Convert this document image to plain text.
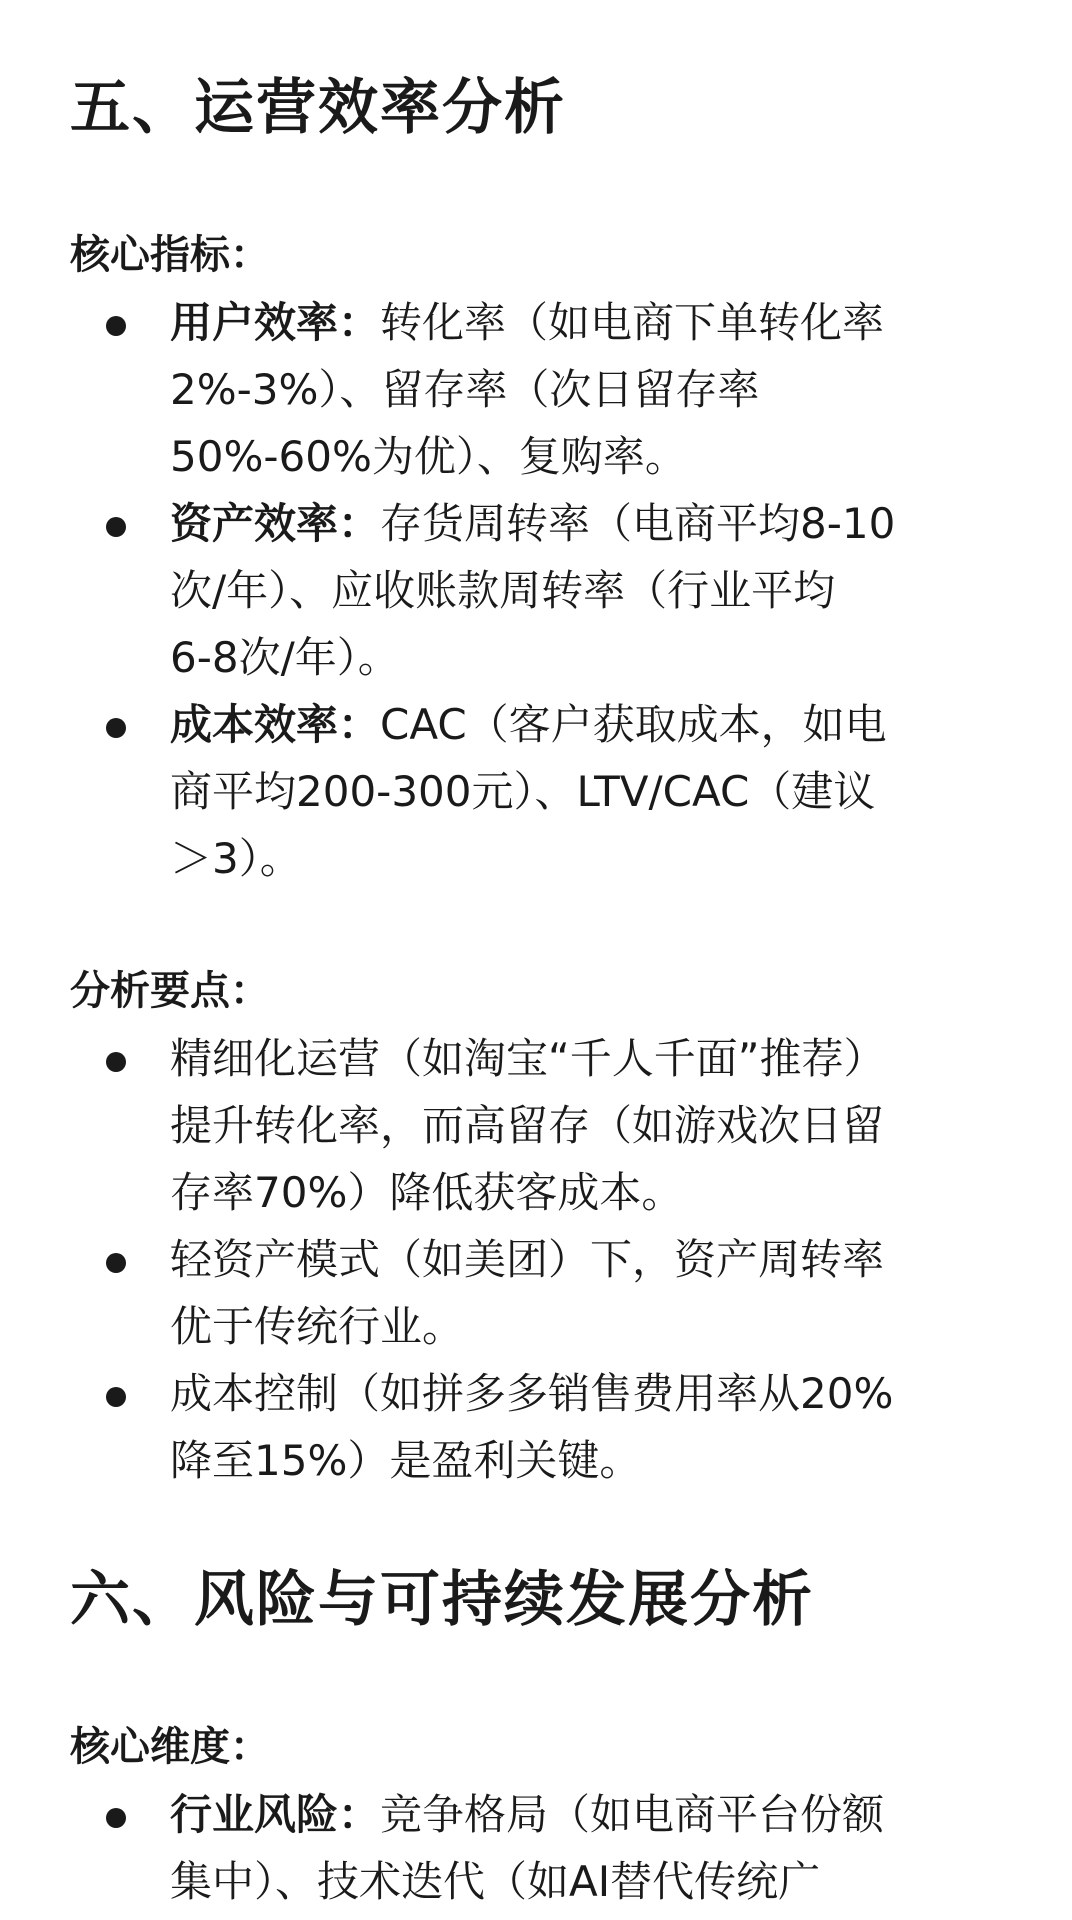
五、运营效率分析
核心指标：
用户效率：转化率（如电商下单转化率
2%-3%）、留存率（次日留存率
50%-60%为优）、复购率。
资产效率：存货周转率（电商平均8-10
次/年）、应收账款周转率（行业平均
6-8次/年）。
成本效率：CAC（客户获取成本，如电
商平均200-300元）、LTV/CAC（建议
＞3）。
分析要点：
精细化运营（如淘宝“千人千面”推荐）
提升转化率，而高留存（如游戏次日留
存率70%）降低获客成本。
轻资产模式（如美团）下，资产周转率
优于传统行业。
成本控制（如拼多多销售费用率从20%
降至15%）是盈利关键。
六、风险与可持续发展分析
核心维度：
行业风险：竞争格局（如电商平台份额
集中）、技术迭代（如AI替代传统广
